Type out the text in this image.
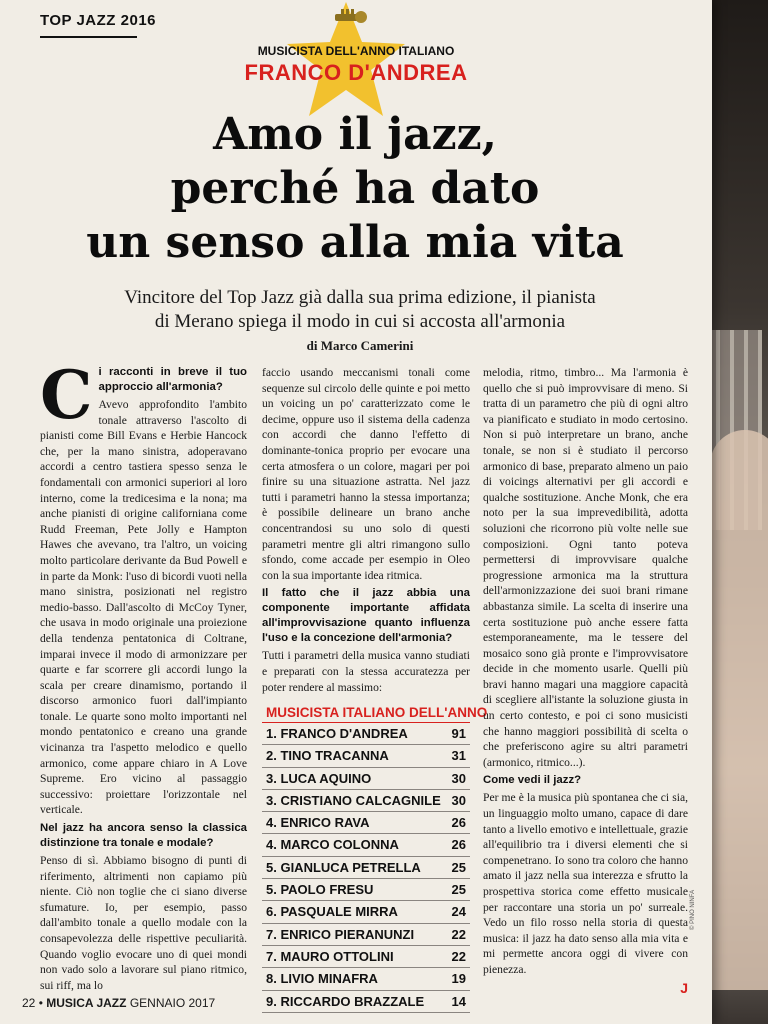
TOP JAZZ 2016
MUSICISTA DELL'ANNO ITALIANO
FRANCO D'ANDREA
Amo il jazz,
perché ha dato
un senso alla mia vita
Vincitore del Top Jazz già dalla sua prima edizione, il pianista
di Merano spiega il modo in cui si accosta all'armonia
di Marco Camerini
Ci racconti in breve il tuo approccio all'armonia?

Avevo approfondito l'ambito tonale attraverso l'ascolto di pianisti come Bill Evans e Herbie Hancock che, per la mano sinistra, adoperavano accordi a centro tastiera spesso senza le fondamentali con armonici superiori al loro interno, come la tredicesima e la nona; ma anche pianisti di origine californiana come Rudd Freeman, Pete Jolly e Hampton Hawes che avevano, tra l'altro, un voicing molto particolare derivante da Bud Powell e in parte da Monk: l'uso di bicordi vuoti nella mano sinistra, posizionati nel registro medio-basso. Dall'ascolto di McCoy Tyner, che usava in modo originale una proiezione della tendenza pentatonica di Coltrane, imparai invece il modo di armonizzare per quarte e far scorrere gli accordi lungo la scala per creare dinamismo, portando il discorso armonico fuori dall'impianto tonale. Le quarte sono molto importanti nel mondo pentatonico e creano una grande vicinanza tra l'aspetto melodico e quello armonico, come appare chiaro in A Love Supreme. Ero vicino al passaggio successivo: proiettare l'orizzontale nel verticale.

Nel jazz ha ancora senso la classica distinzione tra tonale e modale?

Penso di sì. Abbiamo bisogno di punti di riferimento, altrimenti non capiamo più niente. Ciò non toglie che ci siano diverse sfumature. Io, per esempio, passo dall'ambito tonale a quello modale con la consapevolezza delle rispettive peculiarità. Quando voglio evocare uno di quei mondi non vado solo a lavorare sul piano ritmico, sui riff, ma lo

faccio usando meccanismi tonali come sequenze sul circolo delle quinte e poi metto un voicing un po' caratterizzato come le decime, oppure uso il sistema della cadenza con accordi che danno l'effetto di dominante-tonica proprio per evocare una certa atmosfera o un colore, magari per poi finire su una situazione astratta. Nel jazz tutti i parametri hanno la stessa importanza; è possibile delineare un brano anche concentrandosi su uno solo di questi parametri mentre gli altri rimangono sullo sfondo, come accade per esempio in Oleo con la sua importante idea ritmica.

Il fatto che il jazz abbia una componente importante affidata all'improvvisazione quanto influenza l'uso e la concezione dell'armonia?

Tutti i parametri della musica vanno studiati e preparati con la stessa accuratezza per poter rendere al massimo:

MUSICISTA ITALIANO DELL'ANNO
1. FRANCO D'ANDREA	91
2. TINO TRACANNA	31
3. LUCA AQUINO	30
3. CRISTIANO CALCAGNILE 30
4. ENRICO RAVA	26
4. MARCO COLONNA	26
5. GIANLUCA PETRELLA 25
5. PAOLO FRESU	25
6. PASQUALE MIRRA	24
7. ENRICO PIERANUNZI	22
7. MAURO OTTOLINI	22
8. LIVIO MINAFRA	19
9. RICCARDO BRAZZALE 14

melodia, ritmo, timbro... Ma l'armonia è quello che si può improvvisare di meno. Si tratta di un parametro che più di ogni altro va pianificato e studiato in modo certosino. Non si può interpretare un brano, anche tonale, se non si è studiato il percorso armonico di base, preparato almeno un paio di voicings alternativi per gli accordi e qualche sostituzione. Anche Monk, che era noto per la sua imprevedibilità, adotta soluzioni che ricorrono più volte nelle sue composizioni. Ogni tanto poteva permettersi di improvvisare qualche progressione armonica ma la struttura dell'armonizzazione dei suoi brani rimane abbastanza simile. La scelta di inserire una certa sostituzione può anche essere fatta estemporaneamente, ma le tessere del mosaico sono già pronte e l'improvvisatore decide in che momento usarle. Quelli più bravi hanno magari una maggiore capacità di scegliere all'istante la soluzione giusta in un certo contesto, e poi ci sono musicisti che hanno maggiori possibilità di scelta o che preferiscono agire su altri parametri (armonico, ritmico...).

Come vedi il jazz?

Per me è la musica più spontanea che ci sia, un linguaggio molto umano, capace di dare tanto a livello emotivo e intellettuale, grazie all'equilibrio tra i diversi elementi che si compenetrano. Io sono tra coloro che hanno amato il jazz nella sua interezza e sfrutto la prospettiva storica come effetto musicale per raccontare una storia un po' surreale. Vedo un filo rosso nella storia di questa musica: il jazz ha dato senso alla mia vita e mi permette ancora oggi di vivere con pienezza.

J
© PINO NINFA
22 • MUSICA JAZZ GENNAIO 2017
